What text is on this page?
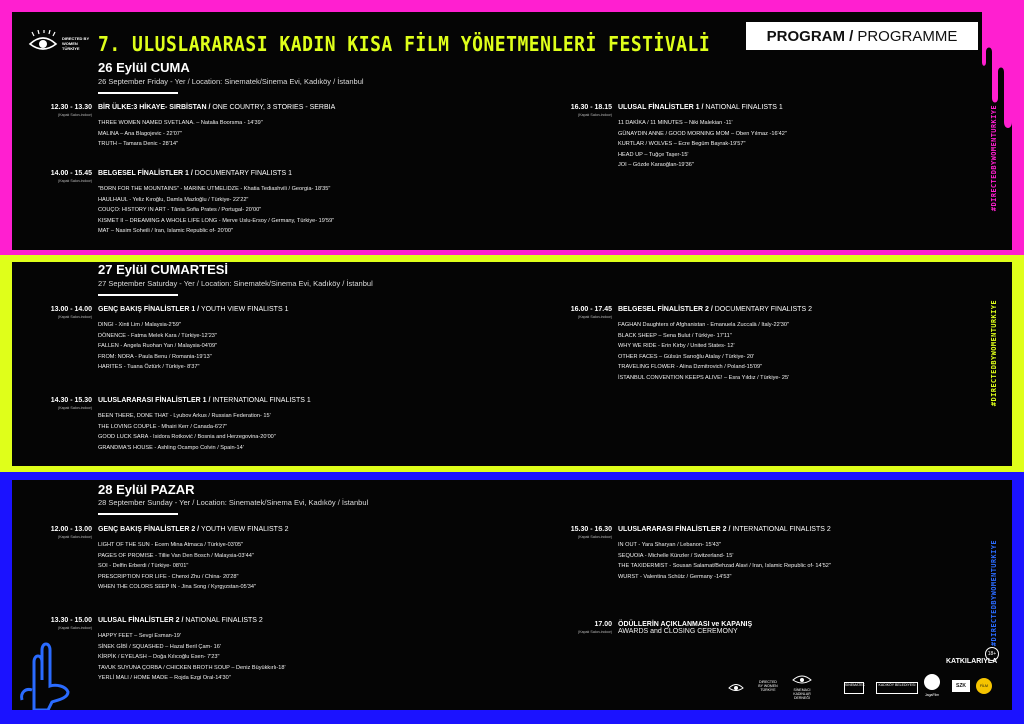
DIRECTED BY WOMEN TÜRKİYE	7. ULUSLARARASI KADIN KISA FİLM YÖNETMENLERİ FESTİVALİ	PROGRAM / PROGRAMME
26 Eylül CUMA
26 September Friday - Yer / Location: Sinematek/Sinema Evi, Kadıköy / İstanbul
12.30 - 13.30
(Kapalı Salon-indoor)
BİR ÜLKE:3 HİKAYE- SIRBİSTAN / ONE COUNTRY, 3 STORIES - SERBIA
THREE WOMEN NAMED SVETLANA. – Natalia Boorsma - 14'39"
MALINA – Ana Blagojevic - 22'07"
TRUTH – Tamara Denic - 28'14"
14.00 - 15.45
(Kapalı Salon-indoor)
BELGESEL FİNALİSTLER 1 / DOCUMENTARY FINALISTS 1
"BORN FOR THE MOUNTAINS" - MARINE UTMELIDZE - Khatia Tediashvili / Georgia- 18'35"
HAULHAUL - Yeliz Kıroğlu, Damla Mazloğlu / Türkiye- 22'22"
COUÇO: HISTORY IN ART - Tânia Sofia Prates / Portugal- 20'00"
KISMET II – DREAMING A WHOLE LIFE LONG - Merve Uslu-Ersoy / Germany, Türkiye- 19'59"
MAT – Nasim Soheili / Iran, Islamic Republic of- 20'00"
16.30 - 18.15
(Kapalı Salon-indoor)
ULUSAL FİNALİSTLER 1 / NATIONAL FINALISTS 1
11 DAKİKA / 11 MINUTES – Niki Malekian -11'
GÜNAYDIN ANNE / GOOD MORNING MOM – Oben Yılmaz -16'42"
KURTLAR / WOLVES – Ecre Begüm Bayrak-19'57"
HEAD UP – Tuğçe Taşer-15'
JOI – Gözde Karaoğlan-19'36"
27 Eylül CUMARTESİ
27 September Saturday - Yer / Location: Sinematek/Sinema Evi, Kadıköy / İstanbul
13.00 - 14.00
(Kapalı Salon-indoor)
GENÇ BAKIŞ FİNALİSTLER 1 / YOUTH VIEW FINALISTS 1
DINGI - Xinti Lim / Malaysia-2'59"
DÖNENCE - Fatma Melek Kara / Türkiye-12'23"
FALLEN - Angela Ruohan Yan / Malaysia-04'09"
FROM: NORA - Paula Benu / Romania-19'13"
HARITES - Tuana Öztürk / Türkiye- 8'37"
14.30 - 15.30
(Kapalı Salon-indoor)
ULUSLARARASI FİNALİSTLER 1 / INTERNATIONAL FINALISTS 1
BEEN THERE, DONE THAT - Lyubov Arkus / Russian Federation- 15'
THE LOVING COUPLE - Mhairi Kerr / Canada-6'27"
GOOD LUCK SARA - Isidora Rotković / Bosnia and Herzegovina-20'00"
GRANDMA'S HOUSE - Ashling Ocampo Colvin / Spain-14'
16.00 - 17.45
(Kapalı Salon-indoor)
BELGESEL FİNALİSTLER 2 / DOCUMENTARY FINALISTS 2
FAGHAN Daughters of Afghanistan - Emanuela Zuccalà / Italy-22'30"
BLACK SHEEP – Sena Bulut / Türkiye- 17'11"
WHY WE RIDE - Erin Kirby / United States- 12'
OTHER FACES – Gülsün Sarıoğlu Atalay / Türkiye- 20'
TRAVELING FLOWER - Alina Dzmitrovich / Poland-15'09"
İSTANBUL CONVENTION KEEPS ALIVE! – Esra Yıldız / Türkiye- 25'
28 Eylül PAZAR
28 September Sunday - Yer / Location: Sinematek/Sinema Evi, Kadıköy / İstanbul
12.00 - 13.00
(Kapalı Salon-indoor)
GENÇ BAKIŞ FİNALİSTLER 2 / YOUTH VIEW FINALISTS 2
LIGHT OF THE SUN - Ecem Mina Atmaca / Türkiye-03'05"
PAGES OF PROMISE - Tillie Van Den Bosch / Malaysia-03'44"
SOI - Delfin Erberdi / Türkiye- 08'01"
PRESCRIPTION FOR LIFE - Chenxi Zhu / China- 20'28"
WHEN THE COLORS SEEP IN - Jina Song / Kyrgyzstan-05'34"
13.30 - 15.00
(Kapalı Salon-indoor)
ULUSAL FİNALİSTLER 2 / NATIONAL FINALISTS 2
HAPPY FEET – Sevgi Esman-19'
SİNEK GİBİ / SQUASHED – Hazal Beril Çam- 16'
KİRPİK / EYELASH – Doğa Kılıcoğlu Esen- 7'23"
TAVUK SUYUNA ÇORBA / CHICKEN BROTH SOUP – Deniz Büyükkırlı-18'
YERLİ MALI / HOME MADE – Rojda Ezgi Oral-14'30"
15.30 - 16.30
(Kapalı Salon-indoor)
ULUSLARARASI FİNALİSTLER 2 / INTERNATIONAL FINALISTS 2
IN OUT - Yara Sharyan / Lebanon- 15'43"
SEQUOIA - Michelle Künzler / Switzerland- 15'
THE TAXIDERMIST - Sousan Salamat/Behzad Alavi / Iran, Islamic Republic of- 14'52"
WURST - Valentina Schütz / Germany -14'53"
17.00
(Kapalı Salon-indoor)
ÖDÜLLERİN AÇIKLANMASI ve KAPANIŞ
AWARDS and CLOSING CEREMONY
#DIRECTEDBYWOMENTURKIYE
#DIRECTEDBYWOMENTURKIYE
#DIRECTEDBYWOMENTURKIYE
18+
KATKILARIYLA
DIRECTED BY WOMEN TÜRKİYE	SİNEMACI KADINLAR DERNEĞİ
SİNEMATEK	KADIKÖY BELEDİYESİ
JagaFilm
SZK	FİLM
